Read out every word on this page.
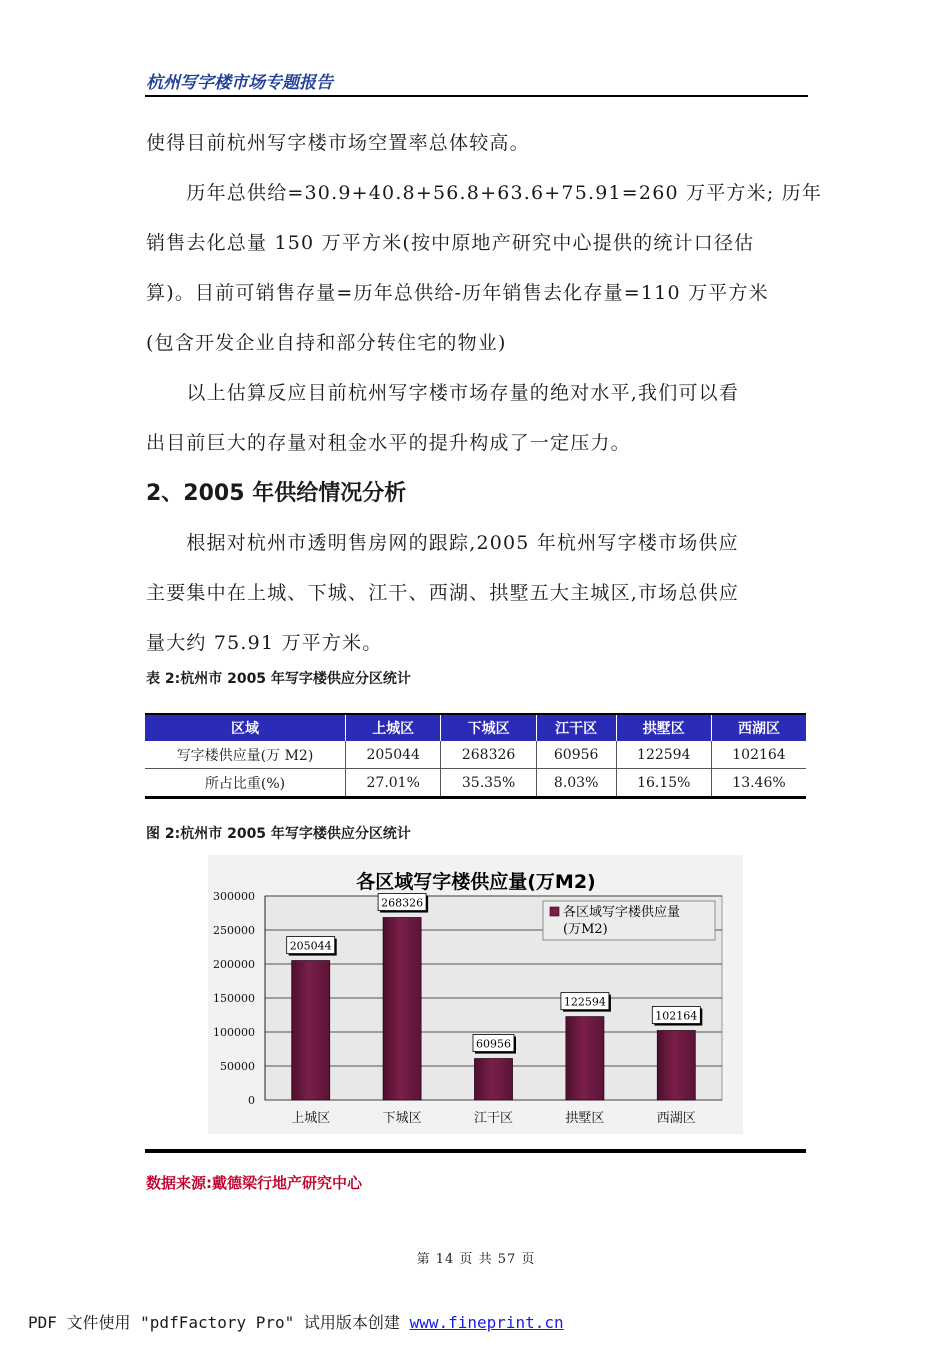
杭州写字楼市场专题报告
使得目前杭州写字楼市场空置率总体较高。
　　历年总供给=30.9+40.8+56.8+63.6+75.91=260 万平方米; 历年
销售去化总量 150 万平方米(按中原地产研究中心提供的统计口径估
算)。目前可销售存量=历年总供给-历年销售去化存量=110 万平方米
(包含开发企业自持和部分转住宅的物业)
　　以上估算反应目前杭州写字楼市场存量的绝对水平,我们可以看
出目前巨大的存量对租金水平的提升构成了一定压力。
2、2005 年供给情况分析
　　根据对杭州市透明售房网的跟踪,2005 年杭州写字楼市场供应
主要集中在上城、下城、江干、西湖、拱墅五大主城区,市场总供应
量大约 75.91 万平方米。
表 2:杭州市 2005 年写字楼供应分区统计
区域	上城区	下城区	江干区	拱墅区	西湖区
写字楼供应量(万 M2)	205044	268326	60956	122594	102164
所占比重(%)	27.01%	35.35%	8.03%	16.15%	13.46%
图 2:杭州市 2005 年写字楼供应分区统计
0
50000
100000
150000
200000
250000
300000
205044
上城区
268326
下城区
60956
江干区
122594
拱墅区
102164
西湖区
各区域写字楼供应量(万M2)
各区域写字楼供应量
(万M2)
数据来源:戴德梁行地产研究中心
第 14 页 共 57 页
PDF 文件使用 "pdfFactory Pro" 试用版本创建 www.fineprint.cn
